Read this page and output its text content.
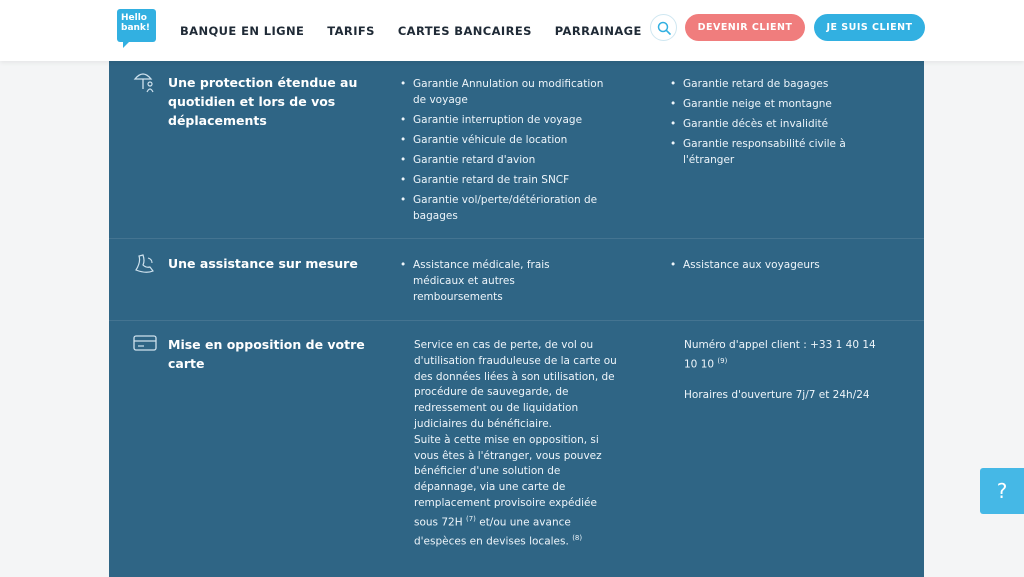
Hello
bank!	BANQUE EN LIGNE TARIFS CARTES BANCAIRES PARRAINAGE	DEVENIR CLIENT	JE SUIS CLIENT
Une protection étendue au quotidien et lors de vos déplacements
• Garantie Annulation ou modification de voyage
• Garantie interruption de voyage
• Garantie véhicule de location
• Garantie retard d'avion
• Garantie retard de train SNCF
• Garantie vol/perte/détérioration de bagages
• Garantie retard de bagages
• Garantie neige et montagne
• Garantie décès et invalidité
• Garantie responsabilité civile à l'étranger
Une assistance sur mesure
•	Assistance médicale, frais médicaux et autres remboursements
• Assistance aux voyageurs
Mise en opposition de votre carte
Service en cas de perte, de vol ou d'utilisation frauduleuse de la carte ou des données liées à son utilisation, de procédure de sauvegarde, de redressement ou de liquidation judiciaires du bénéficiaire.
Suite à cette mise en opposition, si vous êtes à l'étranger, vous pouvez bénéficier d'une solution de dépannage, via une carte de remplacement provisoire expédiée sous 72H $^{(7)}$ et/ou une avance d'espèces en devises locales. $^{(8)}$
Numéro d'appel client : +33 1 40 14 10 10 $^{(9)}$
Horaires d'ouverture 7j/7 et 24h/24
?
